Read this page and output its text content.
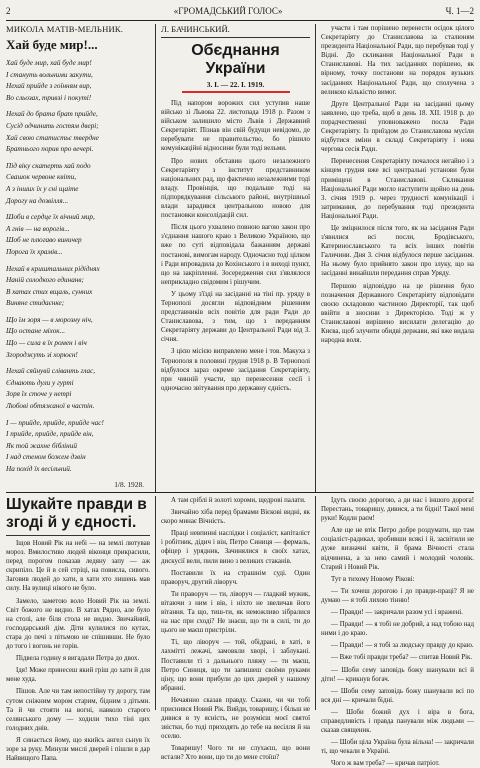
2	«ГРОМАДСЬКИЙ ГОЛОС»	Ч. 1—2
МИКОЛА МАТІВ-МЕЛЬНИК.
Хай буде мир!...
Хай буде мир, хай буде мир!
І стануть вольними закути,
Нехай прийде з гоїнням вир,
Во сльозах, тривзі і покуті!
Нехай до брата брат прийде,
Сусід одчинить гостям двері;
Хай свою статистьє твердне
Братнього порив про вечері.
Під віку скатерть хай подо
Свашок червоне квіти,
А з інших їх у сні щаіте
Дорогу на дозвілля...
Шоби в сердце їх вічний мир,
А гнів — на ворогів...
Шоб не плюгаво виничер
Порога їх храмів...
Нехай в криштальних рідіднях
Наній солодкого единанв;
В хатах стих вщаль, сунних
Виняне стидаєнке;
Що їм зоря — в морозну ніч,
Що остане міхок...
Що — сила в їх ромен і віч
Згороджуть зі хорюєн!
Нехай сяйнувй сліванть глас,
Єднають дули у гурті
Зоря їх сточе у нетрі
Любові обтяжаної в частін.
І — прийде, прийде, прийде час!
І прийде, прийде, прийде він,
Як той жахне бібліний
І над стеном божем дзвін
На похід їх весільний.
1/8. 1928.
Л. БАЧИНСЬКИЙ.
Обєднання України
3. І. — 22. І. 1919.

Під напором ворожих сил уступив наше військо зі Львова 22. листопада 1918 р. Разом з військом залишило місто Львів і Державний Секретаріят. Пізнав він свій будущи невідомо, де перебувати не правительство, бо рішило комунікаційні відносини були тоді вельми.

Про нових обставин цього незалежного Секретаріяту з інститут представником національних рад, що фактично незалежними тоді владу. Провінція, що подальше тоді на підпорядкування сільського районі, внутрішньої влади зарадився центральною новою для постановки консолідацій сил.

Після цього ухвалено повною вагою закон про з'єднання нашого краю з Великою Україною, що вже по суті відповідала бажанням державі постанові, вимогам народу. Одночасно тоді цілком і Ради впровадила до Кохінського і в виході пункт, що на закріпленні. Зосередження сил з'являлося неприкладно свідомим і рішучим.

У цьому з'їзді на засіданні на тіні пр. уряду в Тернополі досягли відповідним рішенням представників всіх повітів для ради Ради до Станиславова, з тим, що з переданням Секретаріяту держави до Центральної Ради від 3. січня.

З цією місією виправлено мене і тов. Макуха з Тернополя в половині грудня 1918 р. В Тернополі відбулося зараз окреме засідання Секретаріяту, при чинній участи, що перенесення сесії і одночасно звітування про державну єдність.

участи і там порішено перенести осідок цілого Секретаріяту до Станиславова за сталюням президента Національної Ради, що перебував тоді у Відні. До скликання Національної Ради в Станиславові. На тих засіданнях порішено, як вірному, точку постанови на порядок вузьких засіданнях Національної Ради, що сполучена з великою кількістю вимог.

Друге Центральної Ради на засіданні цьому заявлено, що треба, щоб в день 18. XII. 1918 р. до порадчественні уповноважено посла Ради Секретаріяту. Із приїздом до Станиславова мусіли відбутися зміни в складі Секретаріяту і нова чергова сесія Ради.

Перенесення Секретаріяту почалося негайно і з кінцем грудня вже всі центральні установи були приміщені в Станиславові. Скликання Національної Ради могло наступити щойно на день 3. січня 1919 р. через трудності комунікації і затримання, до перебування тоді президента Національної Ради.

Це зміцнилося після того, як на засідання Ради з'явилися всі посли, Бродівського, Катеринославського та всіх інших повітів Галичини. Дня 3. січня відбулося перше засідання. На ньому було прийнято закон про злуку, що на засіданні винайшли передання справ Уряду.

Першою відповіддю на це рішення було позначення Державного Секретаріяту відповідати своєю складовою частиною Директорії, так щоб ввійти в зносини з Директорією. Тоді ж у Станиславові вирішено висилати делегацію до Києва, щоб злучити обидві держави, які вже видала народна воля.

Шукайте правди в згоді й у єдності.

Іщов Новий Рік на небі — на землі лютував мороз. Вмилостиво людей віконця прикрасили, перед порогом показав ледяну запу — аж скрипіло. Це й в сей стріці, на повисла, сивого. Заговив людей до хати, в хати хто лишень мав силу. На вулиці нікого не було.

Замело, заметою воло Новий Рік на землі. Світ божого не видно. В хатах Рядно, але було на столі, але біля стола не видно. Звичайний, господарський дім. Діти кулилися по кутах, стара до печі з пітьмою не спішивши. Не було до того і вогонь не горів.

Підвела годину я вигадали Петра до двох.

Ідя! Може принесеш який гріш до хати й для мене худа.

Пішов. Але чи там непостійну ту дорогу, там сутом сніжним мором старим, бідним з дітьми. Та й чи стояти на вогні, навколо старого селянського дому — ходили тихо тіні цих голодних днів.

Я синається йому, що якийсь ангел сьнув їх зоре за руку. Минули мислі дверей і пішли в дар Найвищого Папа.

А там сріблі й золоті хороми, щедрові палати.

Звичайно хіба перед брамами Вієкові видні, як скоро минає Вічність.

Праці невпинні наслідки і соціаліст, капіталіст і робітник, дідич і він, Петро Синиця — фермаль, офіцер і урядник, Зачинялися в своїх хатах, дискусії вели, пили вино з великих стаканів.

Поставили їх на страшнім суді. Один праворуч, другий ліворуч.

Ти праворуч — ти, ліворуч — гладкий мужик, вітаючи з ним і вів, і ніхто не звеличав його вітання. Та що, тиш-ти, як неможливо зібралися на нас при сході? Не знаєш, що ти в силі, ти до цього не маєш пристріли.

Ті, що ліворуч — той, обідрані, в хаті, в лахмітті лежачі, замовкли хворі, і заблукані. Поставили ті з дальнього пляжу — ти маєш, Петро Синиця, що ти запишеш своїми руками ціну, що вони прибули до цих дверей у нашому вбранні.

Нечаянно сказав правду. Скажи, чи чи тобі приснився Новий Рік. Вийди, товаришу, і більш не дивися в ту ясність, не розумієш моєї святої звістки, бо тоді приходять до тебе на весілля й на оселю.

Товаришу! Чого ти не слухаєш, що вони встали? Хто вони, що ти до мене стоїш?

Ідуть своєю дорогою, а ди нас і іншого дорога! Перестань, товаришу, дивися, а ти бідні! Такої мені руки! Кодли раєм!

Але ще не втік Петро добре роздумати, що там соціаліст-радикал, зробивши всякі і й, засвітили не дуже визначні квіти, й брама Вічності стала відчинена, а за нею самий і молодий чоловік. Старий і Новий Рік.

Тут в тихому Новому Рікові:

— Ти хочеш дорогою і до правди-праці? Я не думаю — я тобі лихою тінню!

— Правди! — закричали разом усі і вражені.

— Правди! — я тобі не добрий, а над тобою над ними і до краю.

— Правди! — я тобі за людську правду до краю.

— Вже тобі правди треба? — спитав Новий Рік.

— Шоби сему заповідь божу шанували всі й діти! — крикнув богач.

— Шоби сему заповідь божу шанували всі по вся дні — кричали бідні.

— Шоби божий дух і віра в бога, справедливість і правда панували між людьми — сказав священик.

— Шоби ціла Україна була вільна! — закричали ті, що чекали в Україні.

Чого ж вам треба? — кричав патріот.
